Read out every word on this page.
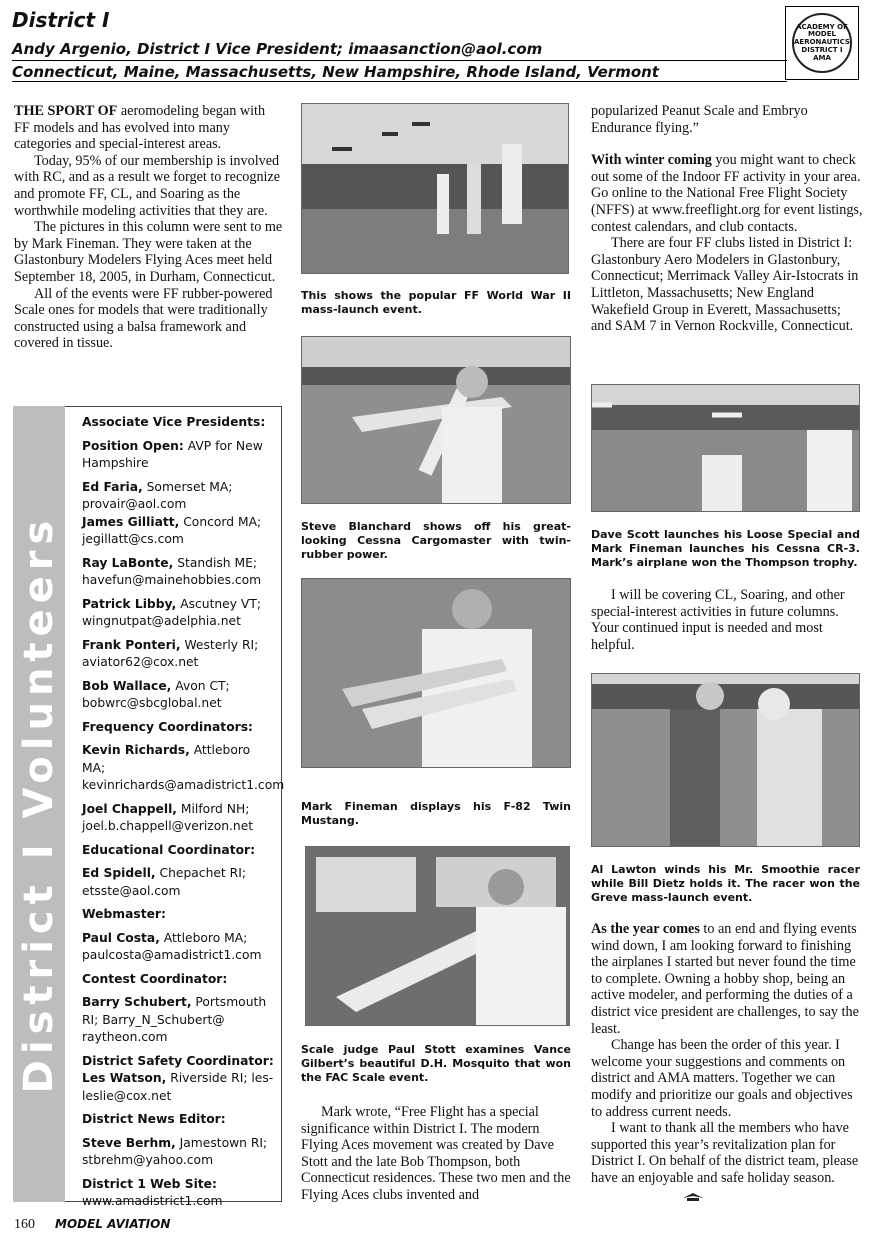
District I
Andy Argenio, District I Vice President; imaasanction@aol.com
Connecticut, Maine, Massachusetts, New Hampshire, Rhode Island, Vermont
ACADEMY OF MODEL AERONAUTICS DISTRICT I AMA

THE SPORT OF aeromodeling began with FF models and has evolved into many categories and special-interest areas.

Today, 95% of our membership is involved with RC, and as a result we forget to recognize and promote FF, CL, and Soaring as the worthwhile modeling activities that they are.

The pictures in this column were sent to me by Mark Fineman. They were taken at the Glastonbury Modelers Flying Aces meet held September 18, 2005, in Durham, Connecticut.

All of the events were FF rubber-powered Scale ones for models that were traditionally constructed using a balsa framework and covered in tissue.

District I Volunteers
Associate Vice Presidents:
Position Open: AVP for New Hampshire
Ed Faria, Somerset MA; provair@aol.com
James Gilliatt, Concord MA; jegillatt@cs.com
Ray LaBonte, Standish ME; havefun@mainehobbies.com
Patrick Libby, Ascutney VT; wingnutpat@adelphia.net
Frank Ponteri, Westerly RI; aviator62@cox.net
Bob Wallace, Avon CT; bobwrc@sbcglobal.net
Frequency Coordinators:
Kevin Richards, Attleboro MA; kevinrichards@amadistrict1.com
Joel Chappell, Milford NH; joel.b.chappell@verizon.net
Educational Coordinator:
Ed Spidell, Chepachet RI; etsste@aol.com
Webmaster:
Paul Costa, Attleboro MA; paulcosta@amadistrict1.com
Contest Coordinator:
Barry Schubert, Portsmouth RI; Barry_N_Schubert@ raytheon.com
District Safety Coordinator:
Les Watson, Riverside RI; les-leslie@cox.net
District News Editor:
Steve Berhm, Jamestown RI; stbrehm@yahoo.com
District 1 Web Site:
www.amadistrict1.com
This shows the popular FF World War II mass-launch event.
Steve Blanchard shows off his great-looking Cessna Cargomaster with twin-rubber power.
Mark Fineman displays his F-82 Twin Mustang.
Scale judge Paul Stott examines Vance Gilbert’s beautiful D.H. Mosquito that won the FAC Scale event.

Mark wrote, “Free Flight has a special significance within District I. The modern Flying Aces movement was created by Dave Stott and the late Bob Thompson, both Connecticut residences. These two men and the Flying Aces clubs invented and

popularized Peanut Scale and Embryo Endurance flying.”

With winter coming you might want to check out some of the Indoor FF activity in your area. Go online to the National Free Flight Society (NFFS) at www.freeflight.org for event listings, contest calendars, and club contacts.

There are four FF clubs listed in District I: Glastonbury Aero Modelers in Glastonbury, Connecticut; Merrimack Valley Air-Istocrats in Littleton, Massachusetts; New England Wakefield Group in Everett, Massachusetts; and SAM 7 in Vernon Rockville, Connecticut.

Dave Scott launches his Loose Special and Mark Fineman launches his Cessna CR-3. Mark’s airplane won the Thompson trophy.

I will be covering CL, Soaring, and other special-interest activities in future columns. Your continued input is needed and most helpful.

Al Lawton winds his Mr. Smoothie racer while Bill Dietz holds it. The racer won the Greve mass-launch event.

As the year comes to an end and flying events wind down, I am looking forward to finishing the airplanes I started but never found the time to complete. Owning a hobby shop, being an active modeler, and performing the duties of a district vice president are challenges, to say the least.

Change has been the order of this year. I welcome your suggestions and comments on district and AMA matters. Together we can modify and prioritize our goals and objectives to address current needs.

I want to thank all the members who have supported this year’s revitalization plan for District I. On behalf of the district team, please have an enjoyable and safe holiday season.

160 MODEL AVIATION
